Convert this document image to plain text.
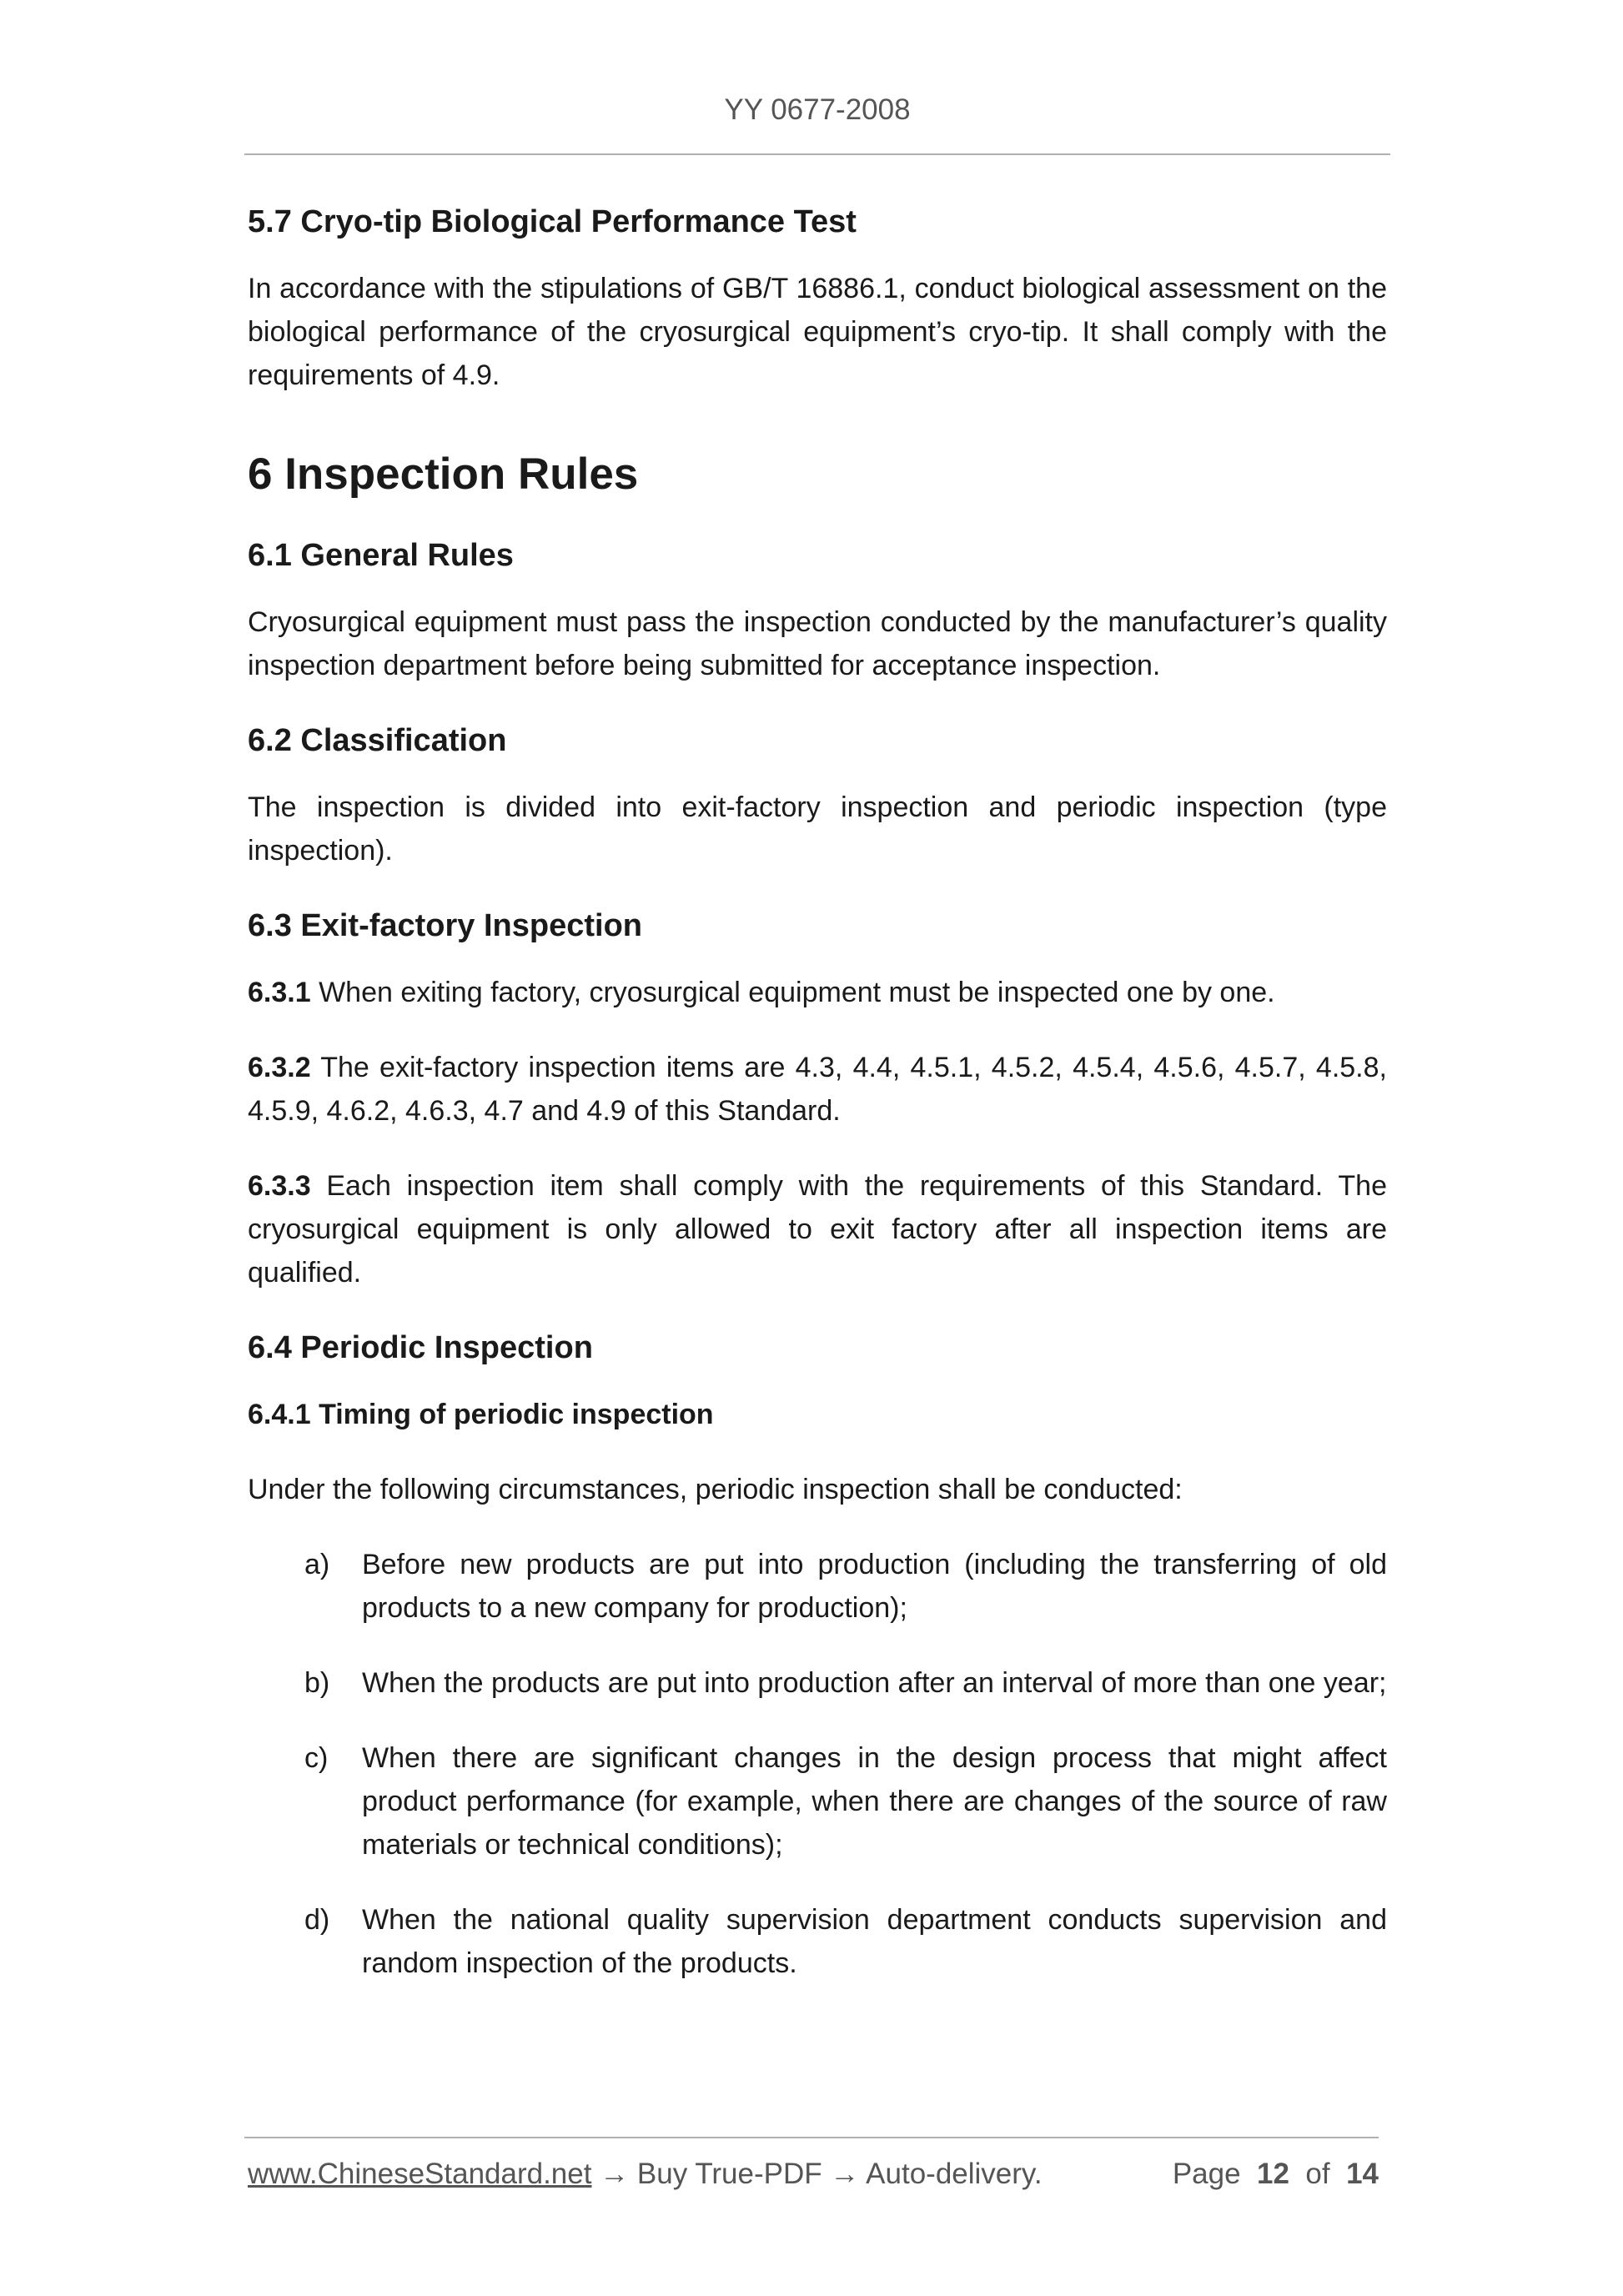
YY 0677-2008
5.7 Cryo-tip Biological Performance Test
In accordance with the stipulations of GB/T 16886.1, conduct biological assessment on the biological performance of the cryosurgical equipment’s cryo-tip. It shall comply with the requirements of 4.9.
6 Inspection Rules
6.1 General Rules
Cryosurgical equipment must pass the inspection conducted by the manufacturer’s quality inspection department before being submitted for acceptance inspection.
6.2 Classification
The inspection is divided into exit-factory inspection and periodic inspection (type inspection).
6.3 Exit-factory Inspection
6.3.1 When exiting factory, cryosurgical equipment must be inspected one by one.
6.3.2 The exit-factory inspection items are 4.3, 4.4, 4.5.1, 4.5.2, 4.5.4, 4.5.6, 4.5.7, 4.5.8, 4.5.9, 4.6.2, 4.6.3, 4.7 and 4.9 of this Standard.
6.3.3 Each inspection item shall comply with the requirements of this Standard. The cryosurgical equipment is only allowed to exit factory after all inspection items are qualified.
6.4 Periodic Inspection
6.4.1 Timing of periodic inspection
Under the following circumstances, periodic inspection shall be conducted:
a)	Before new products are put into production (including the transferring of old products to a new company for production);
b)	When the products are put into production after an interval of more than one year;
c)	When there are significant changes in the design process that might affect product performance (for example, when there are changes of the source of raw materials or technical conditions);
d)	When the national quality supervision department conducts supervision and random inspection of the products.
www.ChineseStandard.net → Buy True-PDF → Auto-delivery.	Page 12 of 14
